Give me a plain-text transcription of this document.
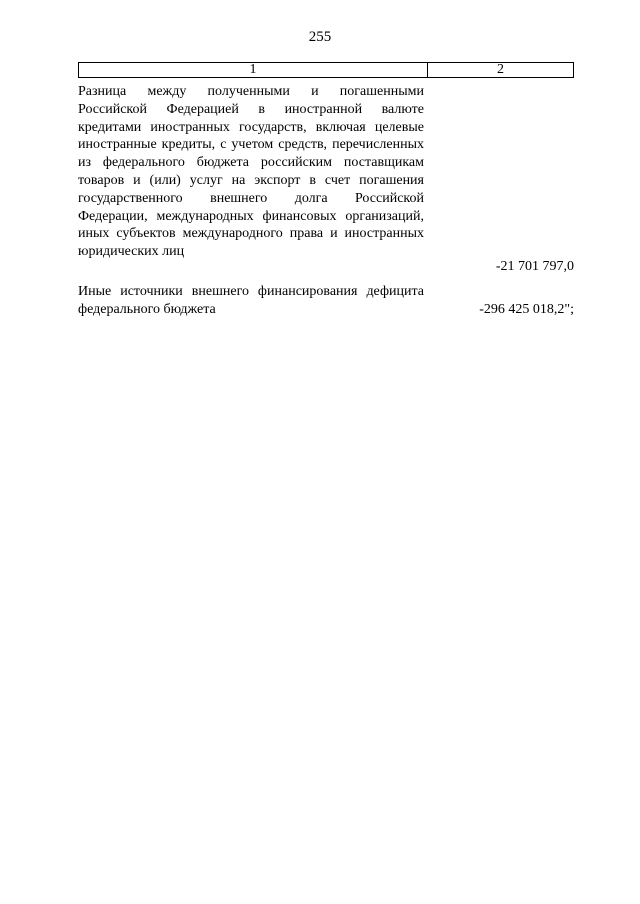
255
1	2
Разница между полученными и погашенными Российской Федерацией в иностранной валюте кредитами иностранных государств, включая целевые иностранные кредиты, с учетом средств, перечисленных из федерального бюджета российским поставщикам товаров и (или) услуг на экспорт в счет погашения государственного внешнего долга Российской Федерации, международных финансовых организаций, иных субъектов международного права и иностранных юридических лиц
-21 701 797,0
Иные источники внешнего финансирования дефицита федерального бюджета	-296 425 018,2";
